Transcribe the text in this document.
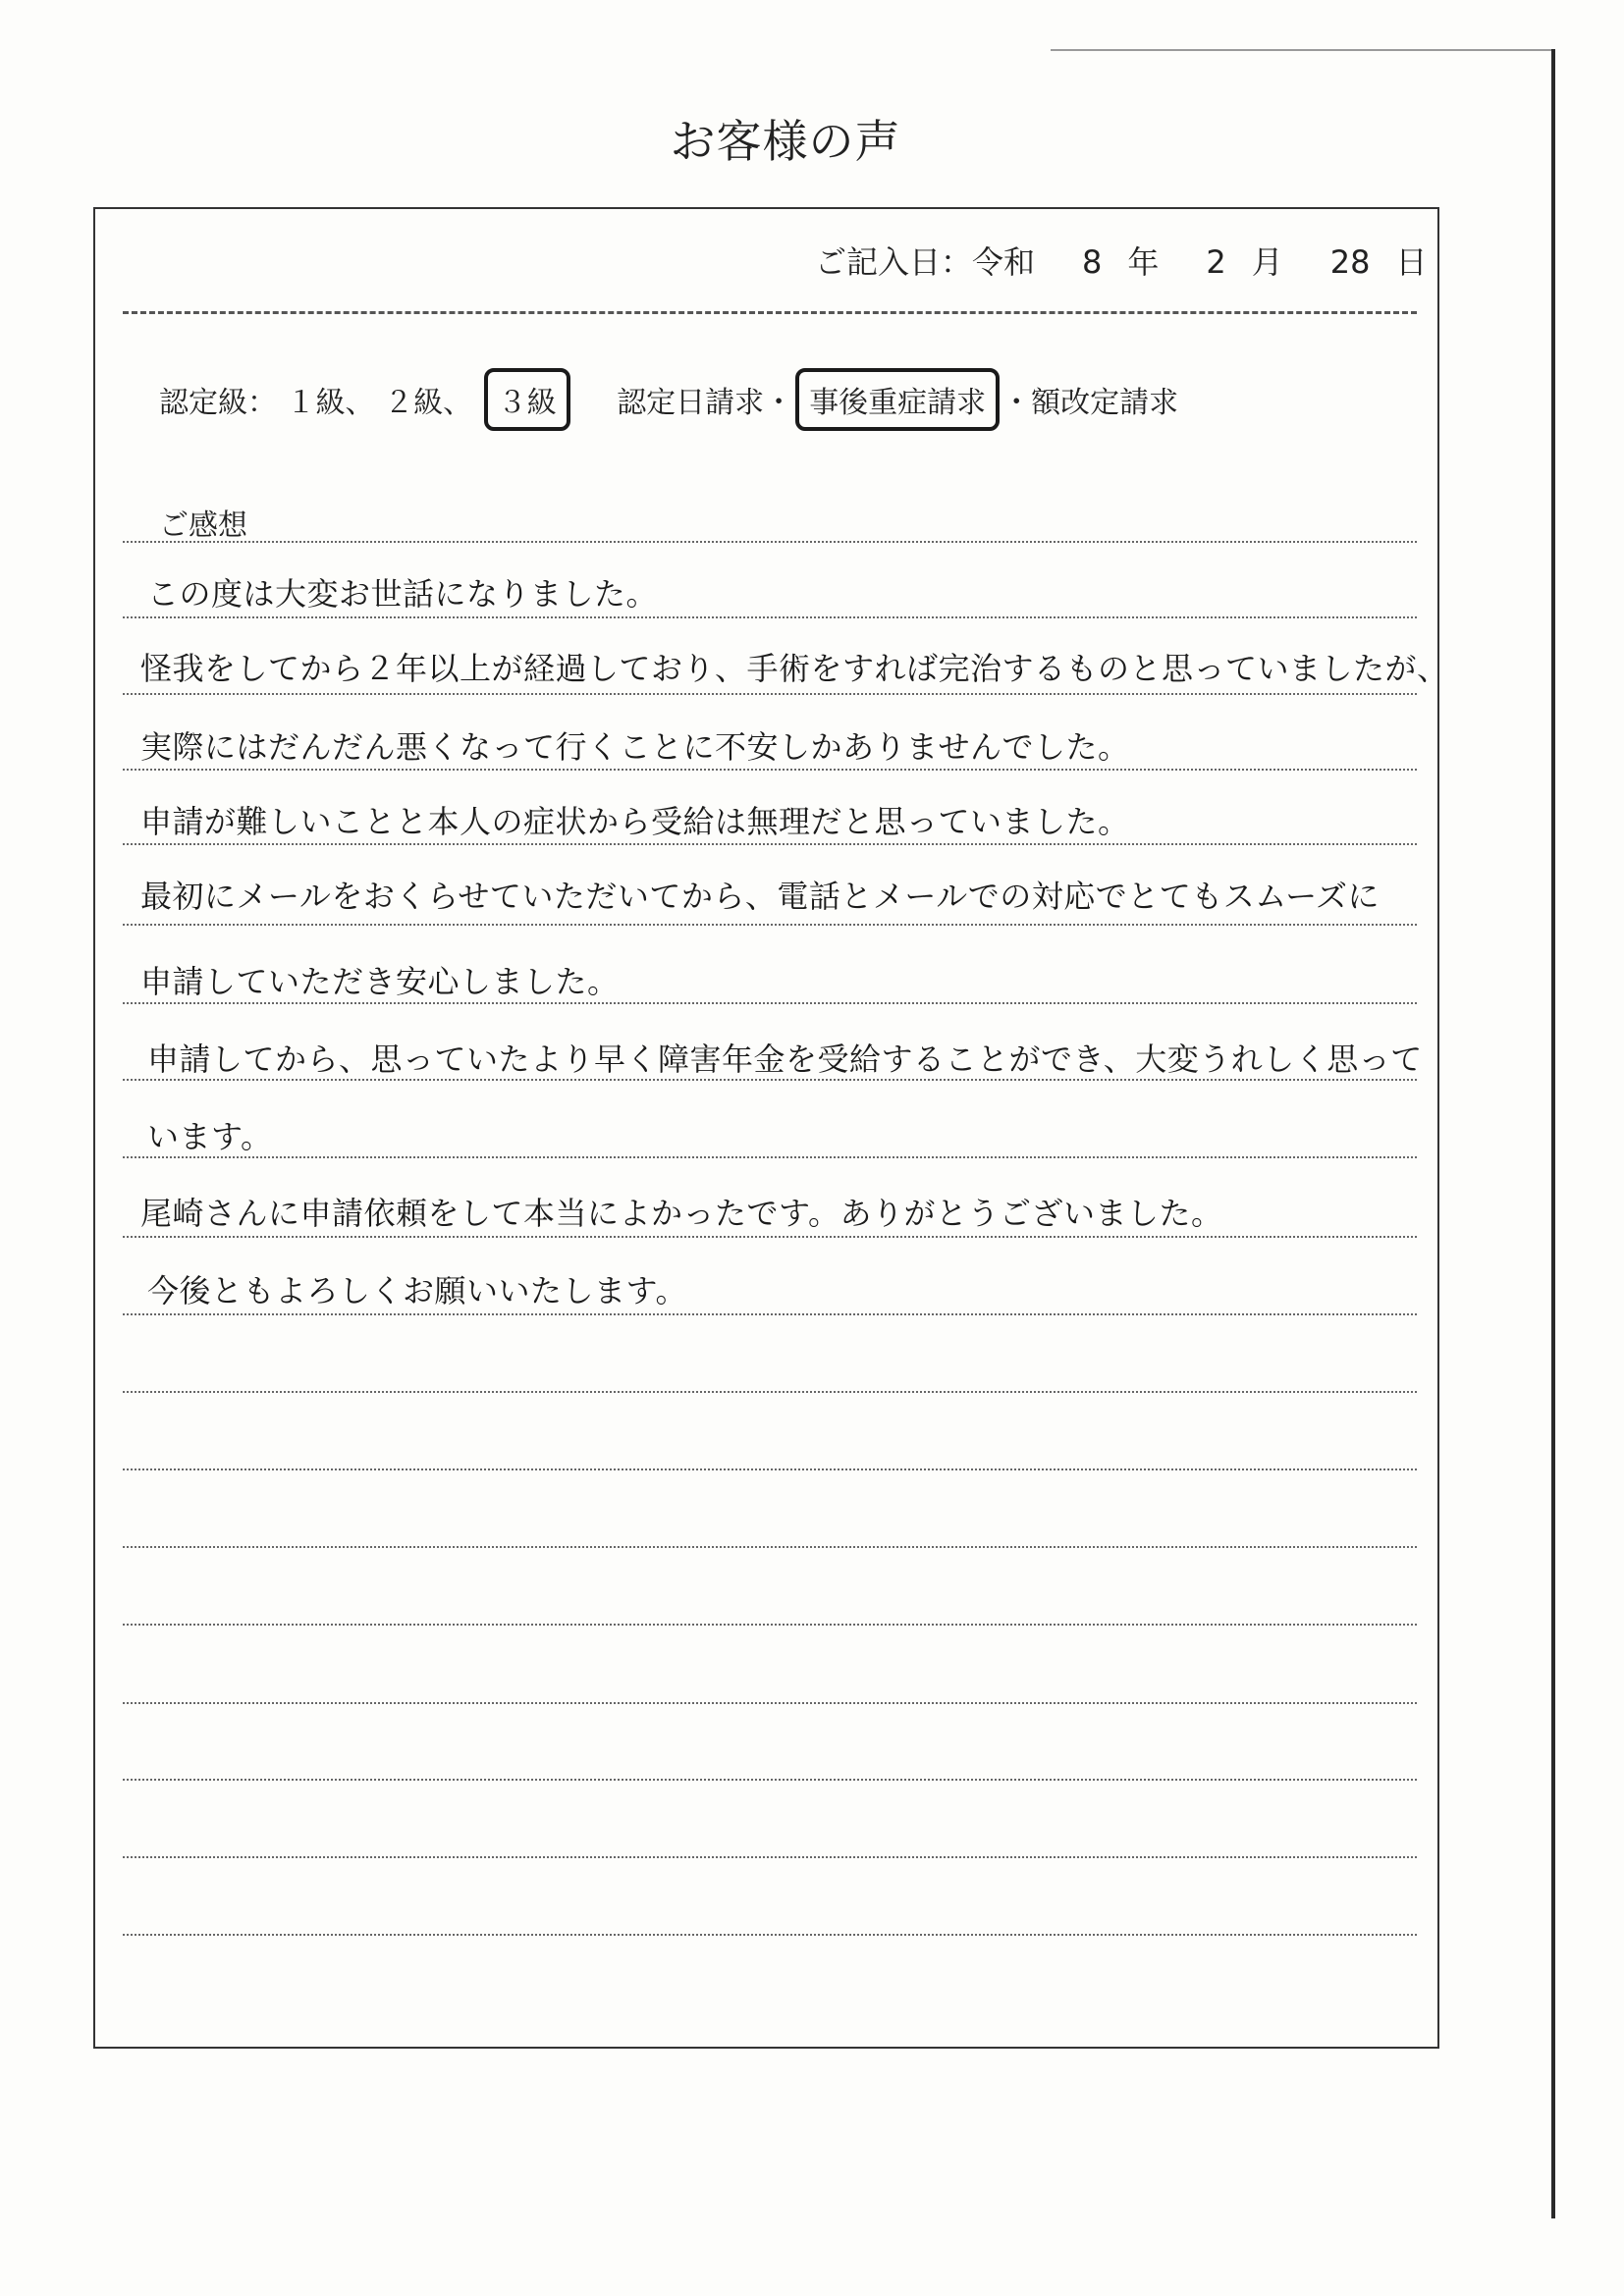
お客様の声
ご記入日：令和 8 年 2 月 28 日
認定級： １級、 ２級、 ３級 認定日請求・ 事後重症請求 ・額改定請求
ご感想
この度は大変お世話になりました。
怪我をしてから２年以上が経過しており、手術をすれば完治するものと思っていましたが、
実際にはだんだん悪くなって行くことに不安しかありませんでした。
申請が難しいことと本人の症状から受給は無理だと思っていました。
最初にメールをおくらせていただいてから、電話とメールでの対応でとてもスムーズに
申請していただき安心しました。
申請してから、思っていたより早く障害年金を受給することができ、大変うれしく思って
います。
尾崎さんに申請依頼をして本当によかったです。ありがとうございました。
今後ともよろしくお願いいたします。
